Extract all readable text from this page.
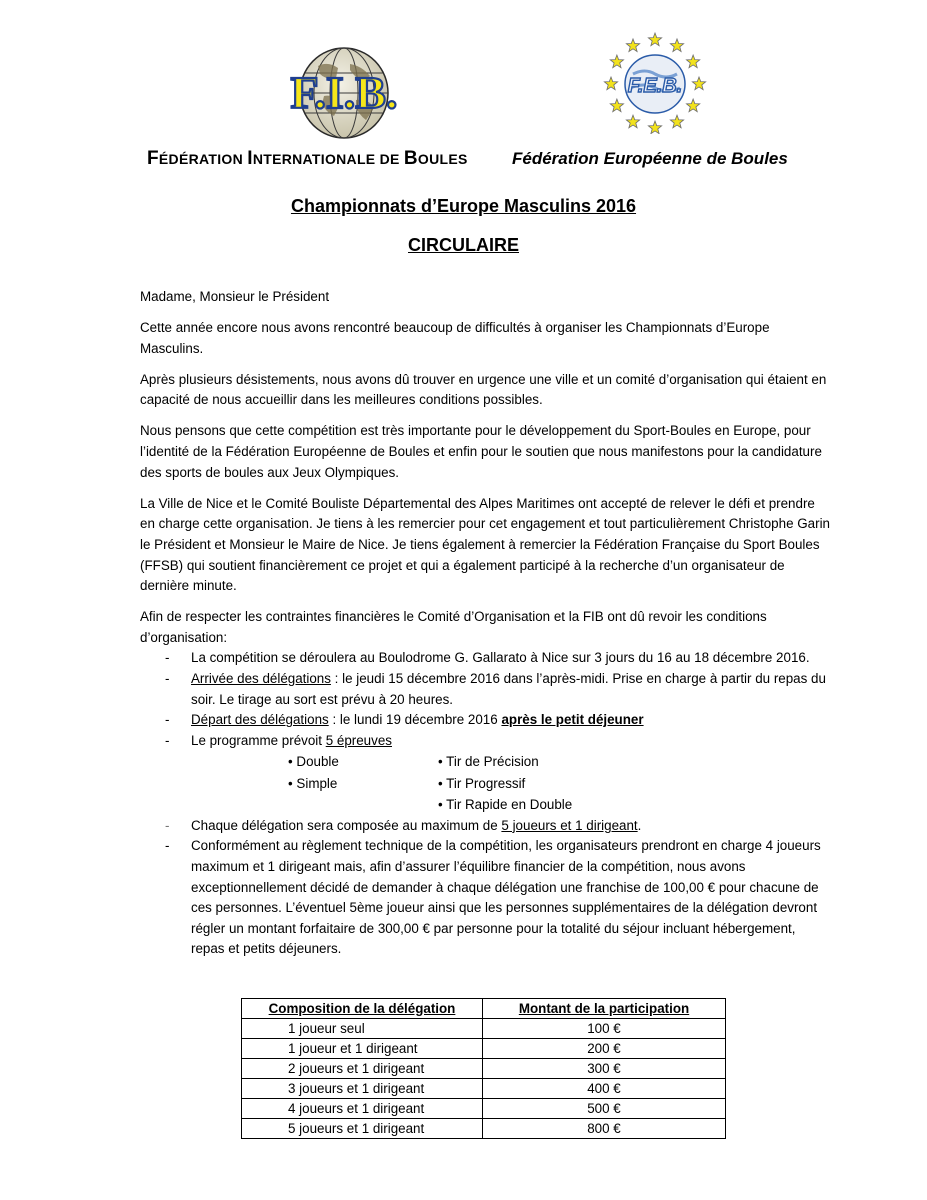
F.I.B.	F.E.B.
FÉDÉRATION INTERNATIONALE DE BOULES	Fédération Européenne de Boules
Championnats d’Europe Masculins 2016
CIRCULAIRE

Madame, Monsieur le Président

Cette année encore nous avons rencontré beaucoup de difficultés à organiser les Championnats d’Europe Masculins.

Après plusieurs désistements, nous avons dû trouver en urgence une ville et un comité d’organisation qui étaient en capacité de nous accueillir dans les meilleures conditions possibles.

Nous pensons que cette compétition est très importante pour le développement du Sport-Boules en Europe, pour l’identité de la Fédération Européenne de Boules et enfin pour le soutien que nous manifestons pour la candidature des sports de boules aux Jeux Olympiques.

La Ville de Nice et le Comité Bouliste Départemental des Alpes Maritimes ont accepté de relever le défi et prendre en charge cette organisation. Je tiens à les remercier pour cet engagement et tout particulièrement Christophe Garin le Président et Monsieur le Maire de Nice. Je tiens également à remercier la Fédération Française du Sport Boules (FFSB) qui soutient financièrement ce projet et qui a également participé à la recherche d’un organisateur de dernière minute.

Afin de respecter les contraintes financières le Comité d’Organisation et la FIB ont dû revoir les conditions d’organisation:

- La compétition se déroulera au Boulodrome G. Gallarato à Nice sur 3 jours du 16 au 18 décembre 2016.
- Arrivée des délégations : le jeudi 15 décembre 2016 dans l’après-midi. Prise en charge à partir du repas du soir. Le tirage au sort est prévu à 20 heures.
- Départ des délégations : le lundi 19 décembre 2016 après le petit déjeuner
- Le programme prévoit 5 épreuves
• Double	• Tir de Précision
• Simple	• Tir Progressif
• Tir Rapide en Double
- Chaque délégation sera composée au maximum de 5 joueurs et 1 dirigeant.
- Conformément au règlement technique de la compétition, les organisateurs prendront en charge 4 joueurs maximum et 1 dirigeant mais, afin d’assurer l’équilibre financier de la compétition, nous avons exceptionnellement décidé de demander à chaque délégation une franchise de 100,00 € pour chacune de ces personnes. L’éventuel 5ème joueur ainsi que les personnes supplémentaires de la délégation devront régler un montant forfaitaire de 300,00 € par personne pour la totalité du séjour incluant hébergement, repas et petits déjeuners.
Composition de la délégation	Montant de la participation
1 joueur seul	100 €
1 joueur et 1 dirigeant	200 €
2 joueurs et 1 dirigeant	300 €
3 joueurs et 1 dirigeant	400 €
4 joueurs et 1 dirigeant	500 €
5 joueurs et 1 dirigeant	800 €
